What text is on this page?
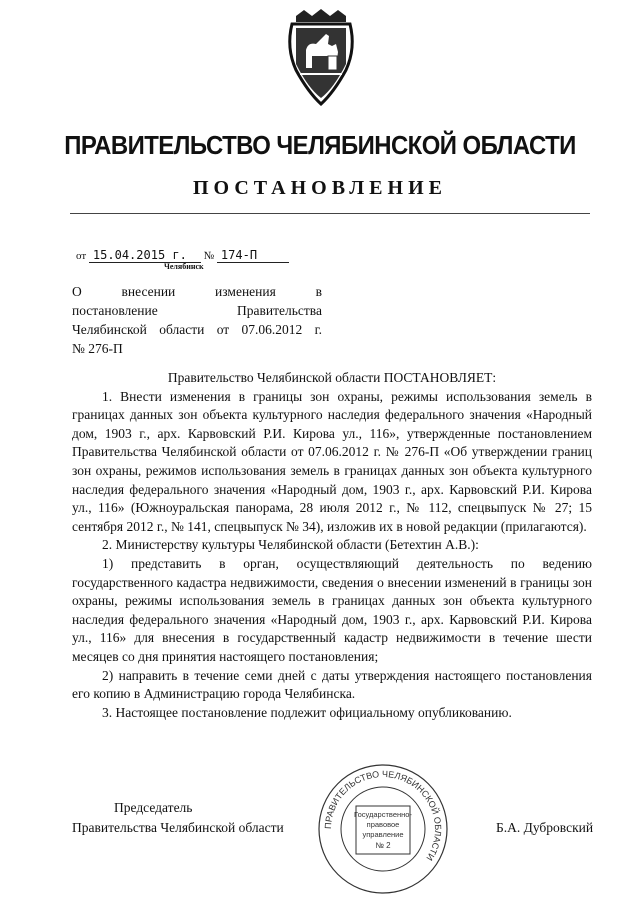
ПРАВИТЕЛЬСТВО ЧЕЛЯБИНСКОЙ ОБЛАСТИ
ПОСТАНОВЛЕНИЕ
от 15.04.2015 г. № 174-П
Челябинск
О внесении изменения в
постановление Правительства
Челябинской области от 07.06.2012 г.
№ 276-П

Правительство Челябинской области ПОСТАНОВЛЯЕТ:

1. Внести изменения в границы зон охраны, режимы использования земель в границах данных зон объекта культурного наследия федерального значения «Народный дом, 1903 г., арх. Карвовский Р.И. Кирова ул., 116», утвержденные постановлением Правительства Челябинской области от 07.06.2012 г. № 276-П «Об утверждении границ зон охраны, режимов использования земель в границах данных зон объекта культурного наследия федерального значения «Народный дом, 1903 г., арх. Карвовский Р.И. Кирова ул., 116» (Южноуральская панорама, 28 июля 2012 г., № 112, спецвыпуск № 27; 15 сентября 2012 г., № 141, спецвыпуск № 34), изложив их в новой редакции (прилагаются).

2. Министерству культуры Челябинской области (Бетехтин А.В.):

1) представить в орган, осуществляющий деятельность по ведению государственного кадастра недвижимости, сведения о внесении изменений в границы зон охраны, режимы использования земель в границах данных зон объекта культурного наследия федерального значения «Народный дом, 1903 г., арх. Карвовский Р.И. Кирова ул., 116» для внесения в государственный кадастр недвижимости в течение шести месяцев со дня принятия настоящего постановления;

2) направить в течение семи дней с даты утверждения настоящего постановления его копию в Администрацию города Челябинска.

3. Настоящее постановление подлежит официальному опубликованию.

Председатель
Правительства Челябинской области	Б.А. Дубровский
ПРАВИТЕЛЬСТВО ЧЕЛЯБИНСКОЙ ОБЛАСТИ
Государственно-
правовое
управление
№ 2
